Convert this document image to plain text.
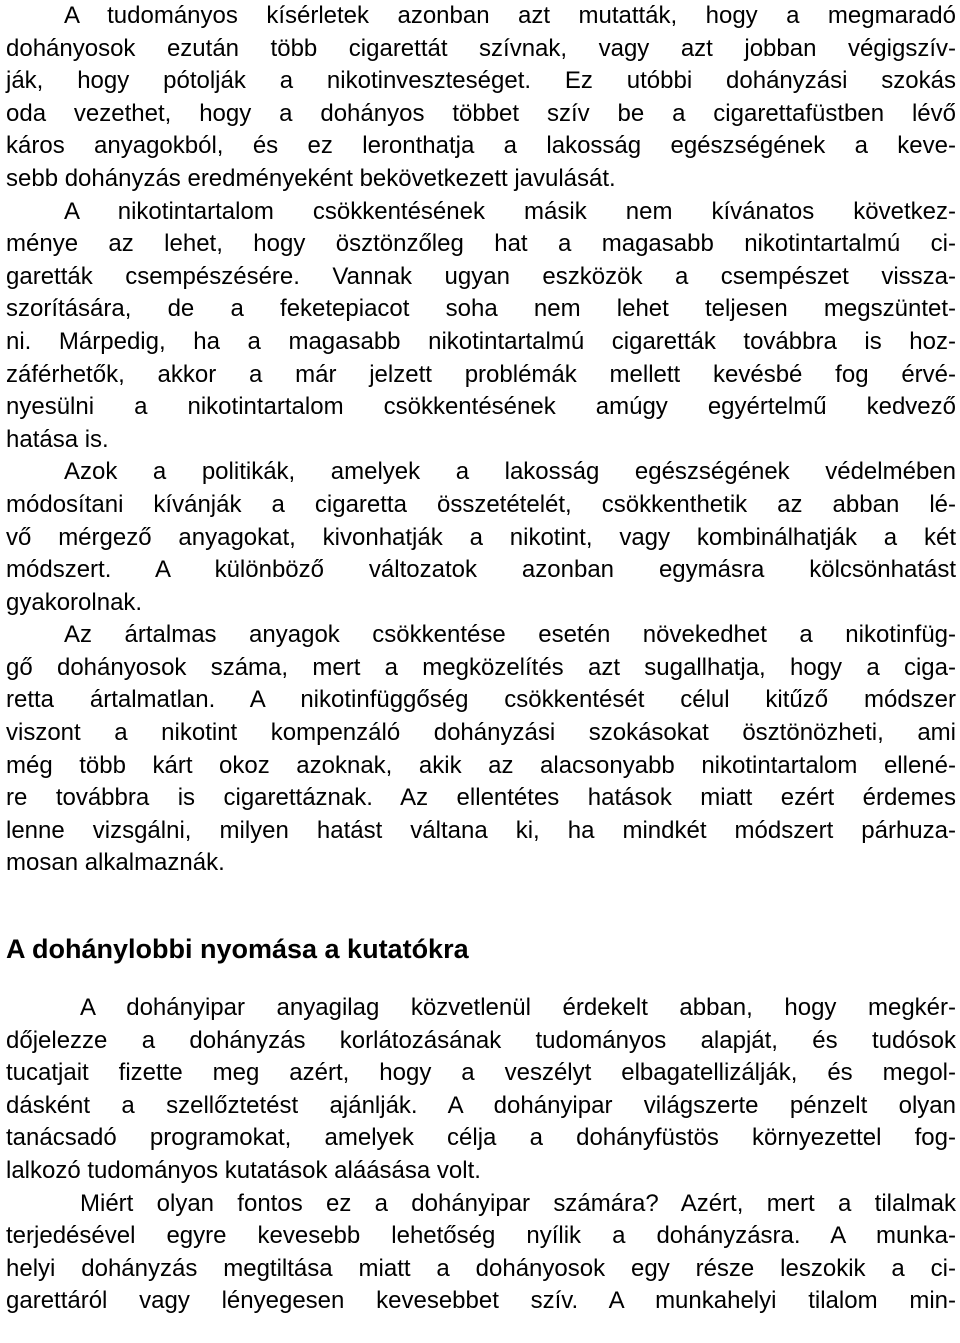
A tudományos kísérletek azonban azt mutatták, hogy a megmaradó
dohányosok ezután több cigarettát szívnak, vagy azt jobban végigszív-
ják, hogy pótolják a nikotinveszteséget. Ez utóbbi dohányzási szokás
oda vezethet, hogy a dohányos többet szív be a cigarettafüstben lévő
káros anyagokból, és ez leronthatja a lakosság egészségének a keve-
sebb dohányzás eredményeként bekövetkezett javulását.
A nikotintartalom csökkentésének másik nem kívánatos következ-
ménye az lehet, hogy ösztönzőleg hat a magasabb nikotintartalmú ci-
garetták csempészésére. Vannak ugyan eszközök a csempészet vissza-
szorítására, de a feketepiacot soha nem lehet teljesen megszüntet-
ni. Márpedig, ha a magasabb nikotintartalmú cigaretták továbbra is hoz-
záférhetők, akkor a már jelzett problémák mellett kevésbé fog érvé-
nyesülni a nikotintartalom csökkentésének amúgy egyértelmű kedvező
hatása is.
Azok a politikák, amelyek a lakosság egészségének védelmében
módosítani kívánják a cigaretta összetételét, csökkenthetik az abban lé-
vő mérgező anyagokat, kivonhatják a nikotint, vagy kombinálhatják a két
módszert. A különböző változatok azonban egymásra kölcsönhatást
gyakorolnak.
Az ártalmas anyagok csökkentése esetén növekedhet a nikotinfüg-
gő dohányosok száma, mert a megközelítés azt sugallhatja, hogy a ciga-
retta ártalmatlan. A nikotinfüggőség csökkentését célul kitűző módszer
viszont a nikotint kompenzáló dohányzási szokásokat ösztönözheti, ami
még több kárt okoz azoknak, akik az alacsonyabb nikotintartalom ellené-
re továbbra is cigarettáznak. Az ellentétes hatások miatt ezért érdemes
lenne vizsgálni, milyen hatást váltana ki, ha mindkét módszert párhuza-
mosan alkalmaznák.
A dohánylobbi nyomása a kutatókra
A dohányipar anyagilag közvetlenül érdekelt abban, hogy megkér-
dőjelezze a dohányzás korlátozásának tudományos alapját, és tudósok
tucatjait fizette meg azért, hogy a veszélyt elbagatellizálják, és megol-
dásként a szellőztetést ajánlják. A dohányipar világszerte pénzelt olyan
tanácsadó programokat, amelyek célja a dohányfüstös környezettel fog-
lalkozó tudományos kutatások aláásása volt.
Miért olyan fontos ez a dohányipar számára? Azért, mert a tilalmak
terjedésével egyre kevesebb lehetőség nyílik a dohányzásra. A munka-
helyi dohányzás megtiltása miatt a dohányosok egy része leszokik a ci-
garettáról vagy lényegesen kevesebbet szív. A munkahelyi tilalom min-
